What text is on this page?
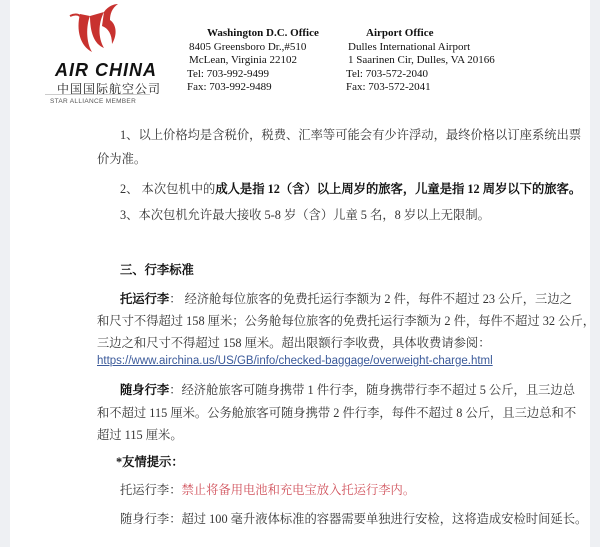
AIR CHINA
中国国际航空公司
STAR ALLIANCE MEMBER
Washington D.C. Office
8405 Greensboro Dr.,#510
McLean, Virginia 22102
Tel: 703-992-9499
Fax: 703-992-9489
Airport Office
Dulles International Airport
1 Saarinen Cir, Dulles, VA 20166
Tel: 703-572-2040
Fax: 703-572-2041
1、以上价格均是含税价，税费、汇率等可能会有少许浮动，最终价格以订座系统出票
价为准。
2、 本次包机中的成人是指 12（含）以上周岁的旅客，儿童是指 12 周岁以下的旅客。
3、本次包机允许最大接收 5-8 岁（含）儿童 5 名，8 岁以上无限制。
三、行李标准
托运行李： 经济舱每位旅客的免费托运行李额为 2 件，每件不超过 23 公斤，三边之
和尺寸不得超过 158 厘米；公务舱每位旅客的免费托运行李额为 2 件，每件不超过 32 公斤，
三边之和尺寸不得超过 158 厘米。超出限额行李收费，具体收费请参阅：
https://www.airchina.us/US/GB/info/checked-baggage/overweight-charge.html
随身行李：经济舱旅客可随身携带 1 件行李，随身携带行李不超过 5 公斤，且三边总
和不超过 115 厘米。公务舱旅客可随身携带 2 件行李，每件不超过 8 公斤，且三边总和不
超过 115 厘米。
*友情提示：
托运行李：禁止将备用电池和充电宝放入托运行李内。
随身行李：超过 100 毫升液体标准的容器需要单独进行安检，这将造成安检时间延长。
